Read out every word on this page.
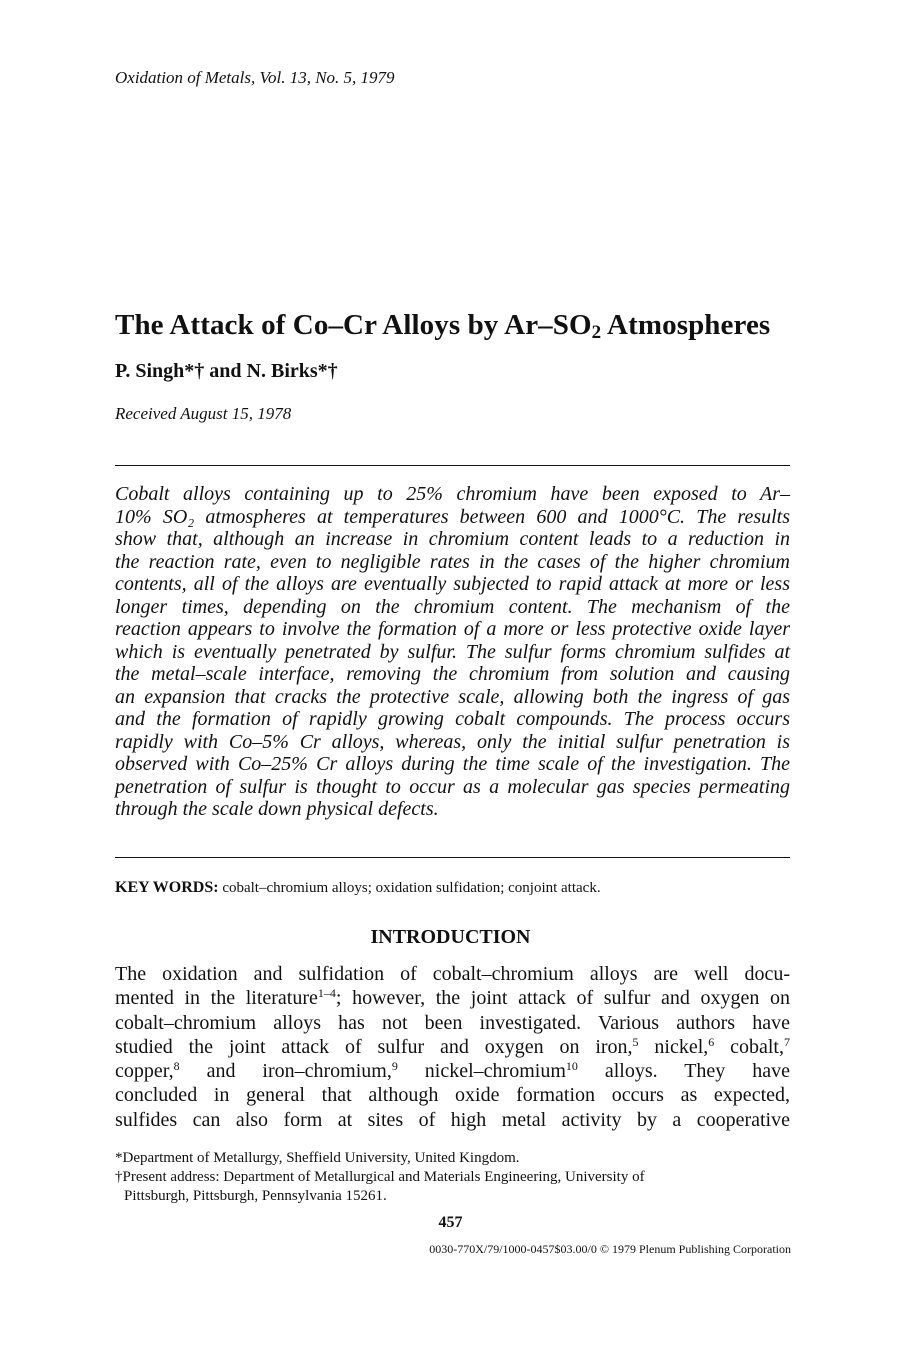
Oxidation of Metals, Vol. 13, No. 5, 1979
The Attack of Co–Cr Alloys by $Ar-SO_2$ Atmospheres
P. Singh*† and N. Birks*†
Received August 15, 1978
Cobalt alloys containing up to 25% chromium have been exposed to Ar–
10% SO₂ atmospheres at temperatures between 600 and 1000°C. The results
show that, although an increase in chromium content leads to a reduction in
the reaction rate, even to negligible rates in the cases of the higher chromium
contents, all of the alloys are eventually subjected to rapid attack at more or less
longer times, depending on the chromium content. The mechanism of the
reaction appears to involve the formation of a more or less protective oxide layer
which is eventually penetrated by sulfur. The sulfur forms chromium sulfides at
the metal–scale interface, removing the chromium from solution and causing
an expansion that cracks the protective scale, allowing both the ingress of gas
and the formation of rapidly growing cobalt compounds. The process occurs
rapidly with Co–5% Cr alloys, whereas, only the initial sulfur penetration is
observed with Co–25% Cr alloys during the time scale of the investigation. The
penetration of sulfur is thought to occur as a molecular gas species permeating
through the scale down physical defects.
KEY WORDS: cobalt–chromium alloys; oxidation sulfidation; conjoint attack.
INTRODUCTION
The oxidation and sulfidation of cobalt–chromium alloys are well docu-
mented in the literature$^{1-4}$; however, the joint attack of sulfur and oxygen on
cobalt–chromium alloys has not been investigated. Various authors have
studied the joint attack of sulfur and oxygen on iron,$^5$ nickel,$^6$ cobalt,$^7$
copper,$^8$ and iron–chromium,$^9$ nickel–chromium$^{10}$ alloys. They have
concluded in general that although oxide formation occurs as expected,
sulfides can also form at sites of high metal activity by a cooperative
*Department of Metallurgy, Sheffield University, United Kingdom.
†Present address: Department of Metallurgical and Materials Engineering, University of
Pittsburgh, Pittsburgh, Pennsylvania 15261.
457
0030-770X/79/1000-0457$03.00/0 © 1979 Plenum Publishing Corporation
